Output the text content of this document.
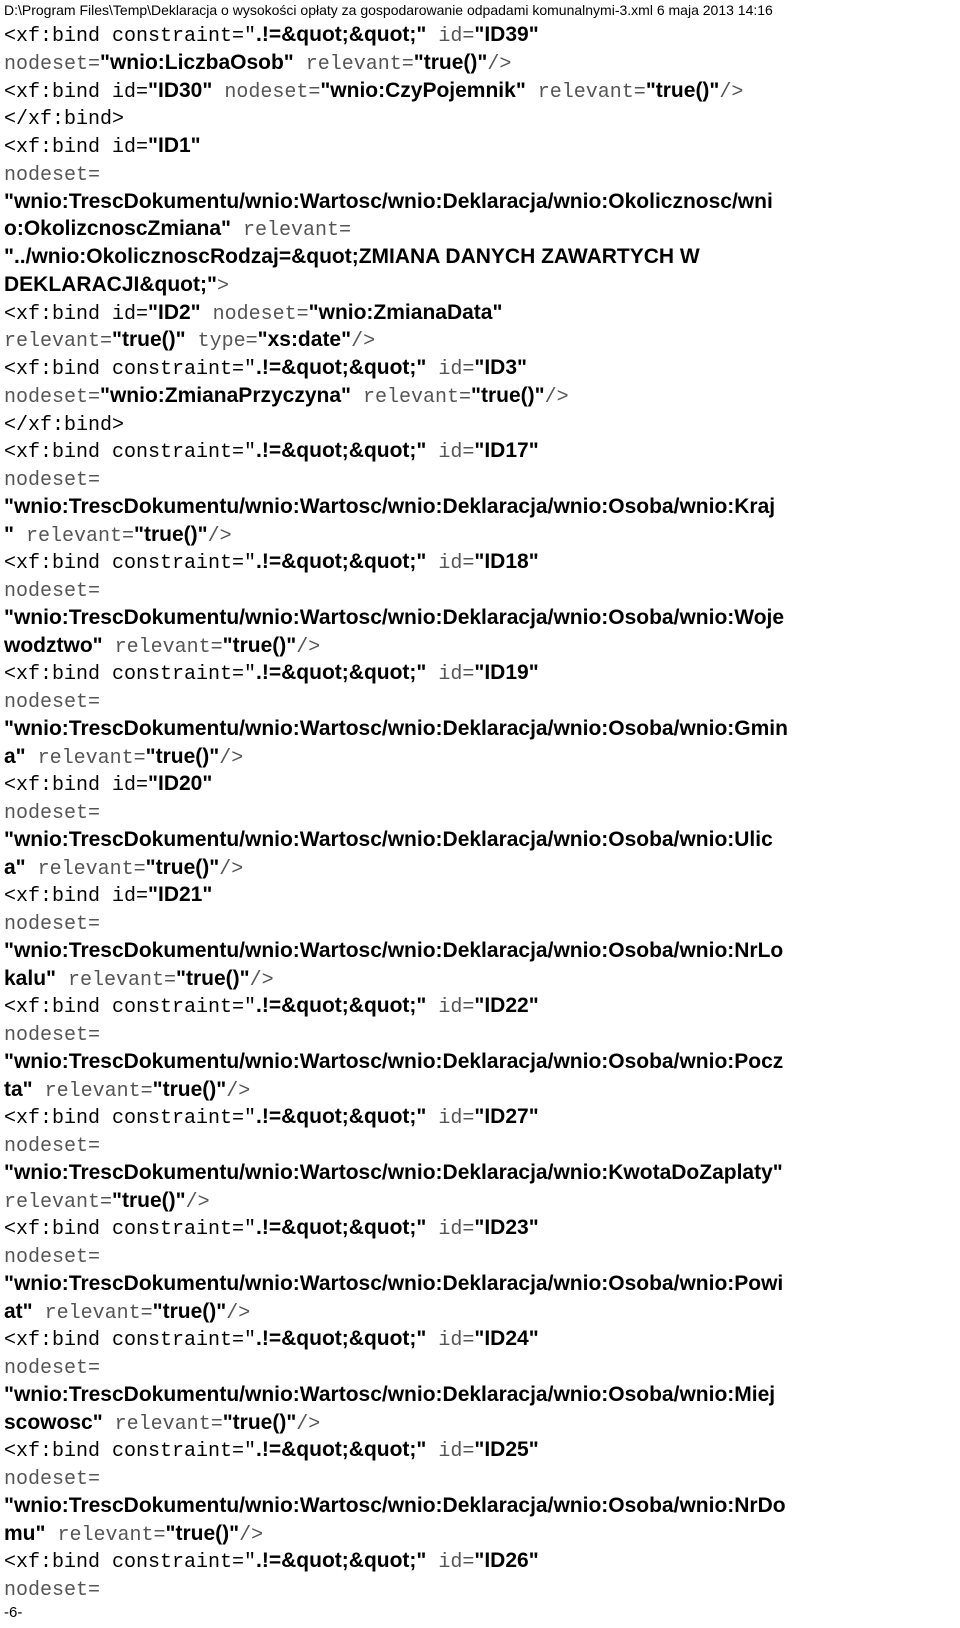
D:\Program Files\Temp\Deklaracja o wysokości opłaty za gospodarowanie odpadami komunalnymi-3.xml 6 maja 2013 14:16
<xf:bind constraint=".!=&quot;&quot;" id="ID39"
nodeset="wnio:LiczbaOsob" relevant="true()"/>
<xf:bind id="ID30" nodeset="wnio:CzyPojemnik" relevant="true()"/>
</xf:bind>
<xf:bind id="ID1"
nodeset=
"wnio:TrescDokumentu/wnio:Wartosc/wnio:Deklaracja/wnio:Okolicznosc/wni
o:OkolizcnoscZmiana" relevant=
"../wnio:OkolicznoscRodzaj=&quot;ZMIANA DANYCH ZAWARTYCH W
DEKLARACJI&quot;">
<xf:bind id="ID2" nodeset="wnio:ZmianaData"
relevant="true()" type="xs:date"/>
<xf:bind constraint=".!=&quot;&quot;" id="ID3"
nodeset="wnio:ZmianaPrzyczyna" relevant="true()"/>
</xf:bind>
<xf:bind constraint=".!=&quot;&quot;" id="ID17"
nodeset=
"wnio:TrescDokumentu/wnio:Wartosc/wnio:Deklaracja/wnio:Osoba/wnio:Kraj
" relevant="true()"/>
<xf:bind constraint=".!=&quot;&quot;" id="ID18"
nodeset=
"wnio:TrescDokumentu/wnio:Wartosc/wnio:Deklaracja/wnio:Osoba/wnio:Woje
wodztwo" relevant="true()"/>
<xf:bind constraint=".!=&quot;&quot;" id="ID19"
nodeset=
"wnio:TrescDokumentu/wnio:Wartosc/wnio:Deklaracja/wnio:Osoba/wnio:Gmin
a" relevant="true()"/>
<xf:bind id="ID20"
nodeset=
"wnio:TrescDokumentu/wnio:Wartosc/wnio:Deklaracja/wnio:Osoba/wnio:Ulic
a" relevant="true()"/>
<xf:bind id="ID21"
nodeset=
"wnio:TrescDokumentu/wnio:Wartosc/wnio:Deklaracja/wnio:Osoba/wnio:NrLo
kalu" relevant="true()"/>
<xf:bind constraint=".!=&quot;&quot;" id="ID22"
nodeset=
"wnio:TrescDokumentu/wnio:Wartosc/wnio:Deklaracja/wnio:Osoba/wnio:Pocz
ta" relevant="true()"/>
<xf:bind constraint=".!=&quot;&quot;" id="ID27"
nodeset=
"wnio:TrescDokumentu/wnio:Wartosc/wnio:Deklaracja/wnio:KwotaDoZaplaty"
relevant="true()"/>
<xf:bind constraint=".!=&quot;&quot;" id="ID23"
nodeset=
"wnio:TrescDokumentu/wnio:Wartosc/wnio:Deklaracja/wnio:Osoba/wnio:Powi
at" relevant="true()"/>
<xf:bind constraint=".!=&quot;&quot;" id="ID24"
nodeset=
"wnio:TrescDokumentu/wnio:Wartosc/wnio:Deklaracja/wnio:Osoba/wnio:Miej
scowosc" relevant="true()"/>
<xf:bind constraint=".!=&quot;&quot;" id="ID25"
nodeset=
"wnio:TrescDokumentu/wnio:Wartosc/wnio:Deklaracja/wnio:Osoba/wnio:NrDo
mu" relevant="true()"/>
<xf:bind constraint=".!=&quot;&quot;" id="ID26"
nodeset=
-6-
